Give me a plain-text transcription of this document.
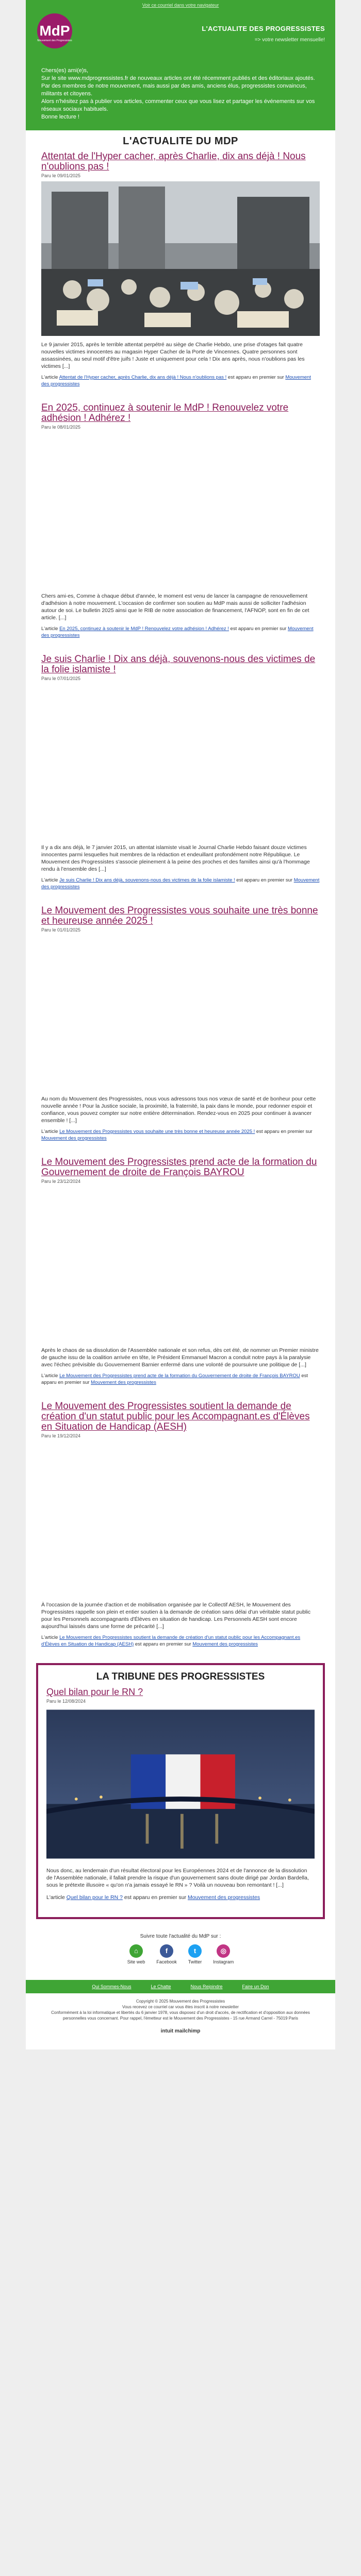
Voir ce courriel dans votre navigateur
MdP
Mouvement des Progressistes
L'ACTUALITE DES PROGRESSISTES
=> votre newsletter mensuelle!

Chers(es) ami(e)s,

Sur le site www.mdprogressistes.fr de nouveaux articles ont été récemment publiés et des éditoriaux ajoutés. Par des membres de notre mouvement, mais aussi par des amis, anciens élus, progressistes convaincus, militants et citoyens.

Alors n'hésitez pas à publier vos articles, commenter ceux que vous lisez et partager les événements sur vos réseaux sociaux habituels.

Bonne lecture !

L'ACTUALITE DU MDP
Attentat de l'Hyper cacher, après Charlie, dix ans déjà ! Nous n'oublions pas !
Paru le 09/01/2025

Le 9 janvier 2015, après le terrible attentat perpétré au siège de Charlie Hebdo, une prise d'otages fait quatre nouvelles victimes innocentes au magasin Hyper Cacher de la Porte de Vincennes. Quatre personnes sont assassinées, au seul motif d'être juifs ! Juste et uniquement pour cela ! Dix ans après, nous n'oublions pas les victimes [...]

L'article Attentat de l'Hyper cacher, après Charlie, dix ans déjà ! Nous n'oublions pas ! est apparu en premier sur Mouvement des progressistes

En 2025, continuez à soutenir le MdP ! Renouvelez votre adhésion ! Adhérez !
Paru le 08/01/2025

Chers ami-es, Comme à chaque début d'année, le moment est venu de lancer la campagne de renouvellement d'adhésion à notre mouvement. L'occasion de confirmer son soutien au MdP mais aussi de solliciter l'adhésion autour de soi. Le bulletin 2025 ainsi que le RIB de notre association de financement, l'AFNOP, sont en fin de cet article. [...]

L'article En 2025, continuez à soutenir le MdP ! Renouvelez votre adhésion ! Adhérez ! est apparu en premier sur Mouvement des progressistes

Je suis Charlie ! Dix ans déjà, souvenons-nous des victimes de la folie islamiste !
Paru le 07/01/2025

Il y a dix ans déjà, le 7 janvier 2015, un attentat islamiste visait le Journal Charlie Hebdo faisant douze victimes innocentes parmi lesquelles huit membres de la rédaction et endeuillant profondément notre République. Le Mouvement des Progressistes s'associe pleinement à la peine des proches et des familles ainsi qu'à l'hommage rendu à l'ensemble des [...]

L'article Je suis Charlie ! Dix ans déjà, souvenons-nous des victimes de la folie islamiste ! est apparu en premier sur Mouvement des progressistes

Le Mouvement des Progressistes vous souhaite une très bonne et heureuse année 2025 !
Paru le 01/01/2025

Au nom du Mouvement des Progressistes, nous vous adressons tous nos vœux de santé et de bonheur pour cette nouvelle année ! Pour la Justice sociale, la proximité, la fraternité, la paix dans le monde, pour redonner espoir et confiance, vous pouvez compter sur notre entière détermination. Rendez-vous en 2025 pour continuer à avancer ensemble ! [...]

L'article Le Mouvement des Progressistes vous souhaite une très bonne et heureuse année 2025 ! est apparu en premier sur Mouvement des progressistes

Le Mouvement des Progressistes prend acte de la formation du Gouvernement de droite de François BAYROU
Paru le 23/12/2024

Après le chaos de sa dissolution de l'Assemblée nationale et son refus, dès cet été, de nommer un Premier ministre de gauche issu de la coalition arrivée en tête, le Président Emmanuel Macron a conduit notre pays à la paralysie avec l'échec prévisible du Gouvernement Barnier enfermé dans une volonté de poursuivre une politique de [...]

L'article Le Mouvement des Progressistes prend acte de la formation du Gouvernement de droite de François BAYROU est apparu en premier sur Mouvement des progressistes

Le Mouvement des Progressistes soutient la demande de création d'un statut public pour les Accompagnant.es d'Élèves en Situation de Handicap (AESH)
Paru le 19/12/2024

À l'occasion de la journée d'action et de mobilisation organisée par le Collectif AESH, le Mouvement des Progressistes rappelle son plein et entier soutien à la demande de création sans délai d'un véritable statut public pour les Personnels accompagnants d'Élèves en situation de handicap. Les Personnels AESH sont encore aujourd'hui laissés dans une forme de précarité [...]

L'article Le Mouvement des Progressistes soutient la demande de création d'un statut public pour les Accompagnant.es d'Élèves en Situation de Handicap (AESH) est apparu en premier sur Mouvement des progressistes

LA TRIBUNE DES PROGRESSISTES
Quel bilan pour le RN ?
Paru le 12/08/2024

Nous donc, au lendemain d'un résultat électoral pour les Européennes 2024 et de l'annonce de la dissolution de l'Assemblée nationale, il fallait prendre la risque d'un gouvernement sans doute dirigé par Jordan Bardella, sous le prétexte illusoire « qu'on n'a jamais essayé le RN » ? Voilà un nouveau bon remontant ! [...]

L'article Quel bilan pour le RN ? est apparu en premier sur Mouvement des progressistes

Suivre toute l'actualité du MdP sur :
⌂
Site web
f
Facebook
t
Twitter
◎
Instagram
Qui Sommes-Nous	Le Chatte	Nous Rejoindre	Faire un Don
Copyright © 2025 Mouvement des Progressistes
Vous recevez ce courriel car vous êtes inscrit à notre newsletter
Conformément à la loi informatique et libertés du 6 janvier 1978, vous disposez d'un droit d'accès, de rectification et d'opposition aux données personnelles vous concernant. Pour rappel, l'émetteur est le Mouvement des Progressistes - 15 rue Armand Carrel - 75019 Paris
intuit mailchimp
